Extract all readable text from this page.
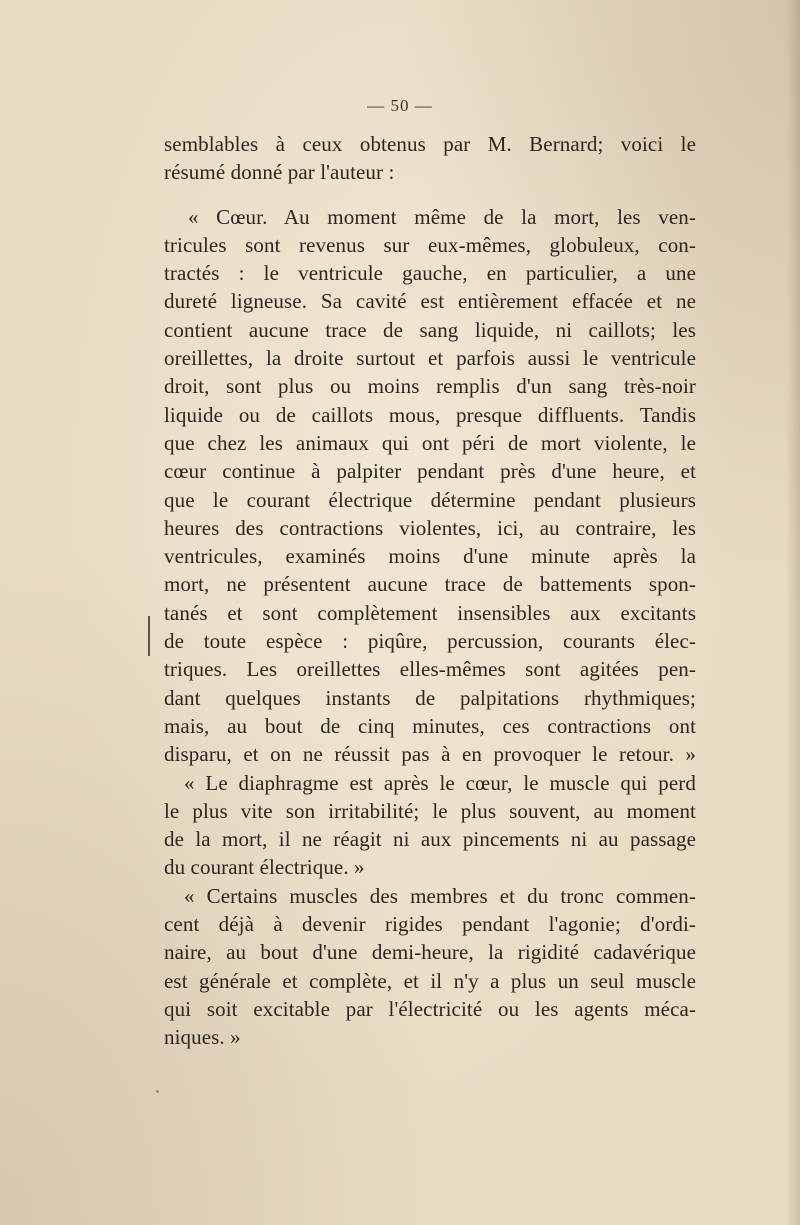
— 50 —
semblables à ceux obtenus par M. Bernard; voici le
résumé donné par l'auteur :
« Cœur. Au moment même de la mort, les ven-
tricules sont revenus sur eux-mêmes, globuleux, con-
tractés : le ventricule gauche, en particulier, a une
dureté ligneuse. Sa cavité est entièrement effacée et ne
contient aucune trace de sang liquide, ni caillots; les
oreillettes, la droite surtout et parfois aussi le ventricule
droit, sont plus ou moins remplis d'un sang très-noir
liquide ou de caillots mous, presque diffluents. Tandis
que chez les animaux qui ont péri de mort violente, le
cœur continue à palpiter pendant près d'une heure, et
que le courant électrique détermine pendant plusieurs
heures des contractions violentes, ici, au contraire, les
ventricules, examinés moins d'une minute après la
mort, ne présentent aucune trace de battements spon-
tanés et sont complètement insensibles aux excitants
de toute espèce : piqûre, percussion, courants élec-
triques. Les oreillettes elles-mêmes sont agitées pen-
dant quelques instants de palpitations rhythmiques;
mais, au bout de cinq minutes, ces contractions ont
disparu, et on ne réussit pas à en provoquer le retour. »
« Le diaphragme est après le cœur, le muscle qui perd
le plus vite son irritabilité; le plus souvent, au moment
de la mort, il ne réagit ni aux pincements ni au passage
du courant électrique. »
« Certains muscles des membres et du tronc commen-
cent déjà à devenir rigides pendant l'agonie; d'ordi-
naire, au bout d'une demi-heure, la rigidité cadavérique
est générale et complète, et il n'y a plus un seul muscle
qui soit excitable par l'électricité ou les agents méca-
niques. »
